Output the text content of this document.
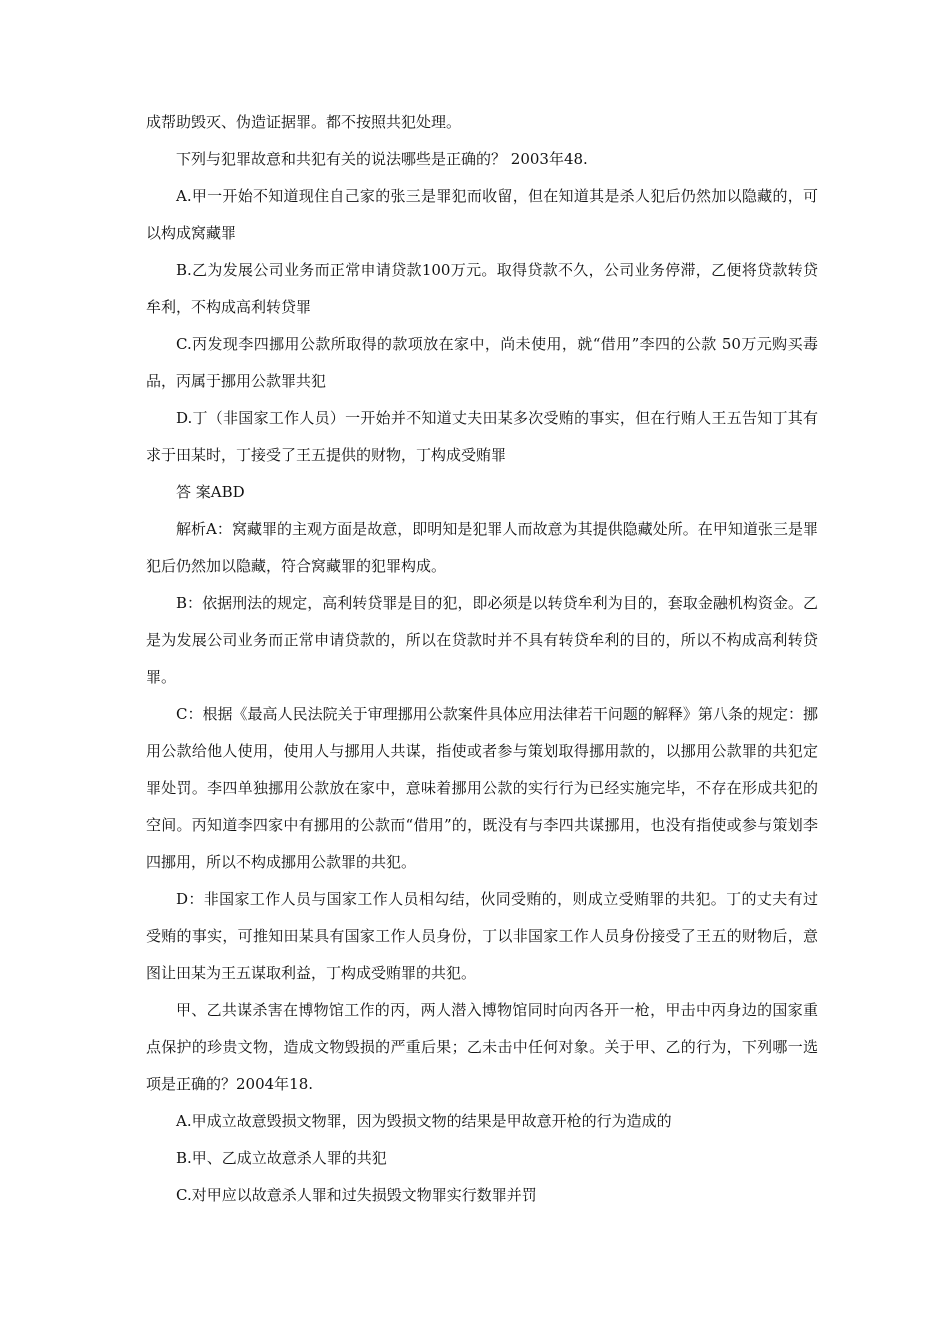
成帮助毁灭、伪造证据罪。都不按照共犯处理。

下列与犯罪故意和共犯有关的说法哪些是正确的？ 2003年48.

A.甲一开始不知道现住自己家的张三是罪犯而收留，但在知道其是杀人犯后仍然加以隐藏的，可以构成窝藏罪

B.乙为发展公司业务而正常申请贷款100万元。取得贷款不久，公司业务停滞，乙便将贷款转贷牟利，不构成高利转贷罪

C.丙发现李四挪用公款所取得的款项放在家中，尚未使用，就“借用”李四的公款 50万元购买毒品，丙属于挪用公款罪共犯

D.丁（非国家工作人员）一开始并不知道丈夫田某多次受贿的事实，但在行贿人王五告知丁其有求于田某时，丁接受了王五提供的财物，丁构成受贿罪

答 案ABD

解析A：窝藏罪的主观方面是故意，即明知是犯罪人而故意为其提供隐藏处所。在甲知道张三是罪犯后仍然加以隐藏，符合窝藏罪的犯罪构成。

B：依据刑法的规定，高利转贷罪是目的犯，即必须是以转贷牟利为目的，套取金融机构资金。乙是为发展公司业务而正常申请贷款的，所以在贷款时并不具有转贷牟利的目的，所以不构成高利转贷罪。

C：根据《最高人民法院关于审理挪用公款案件具体应用法律若干问题的解释》第八条的规定：挪用公款给他人使用，使用人与挪用人共谋，指使或者参与策划取得挪用款的，以挪用公款罪的共犯定罪处罚。李四单独挪用公款放在家中，意味着挪用公款的实行行为已经实施完毕，不存在形成共犯的空间。丙知道李四家中有挪用的公款而“借用”的，既没有与李四共谋挪用，也没有指使或参与策划李四挪用，所以不构成挪用公款罪的共犯。

D：非国家工作人员与国家工作人员相勾结，伙同受贿的，则成立受贿罪的共犯。丁的丈夫有过受贿的事实，可推知田某具有国家工作人员身份，丁以非国家工作人员身份接受了王五的财物后，意图让田某为王五谋取利益，丁构成受贿罪的共犯。

甲、乙共谋杀害在博物馆工作的丙，两人潜入博物馆同时向丙各开一枪，甲击中丙身边的国家重点保护的珍贵文物，造成文物毁损的严重后果；乙未击中任何对象。关于甲、乙的行为，下列哪一选项是正确的？2004年18.

A.甲成立故意毁损文物罪，因为毁损文物的结果是甲故意开枪的行为造成的

B.甲、乙成立故意杀人罪的共犯

C.对甲应以故意杀人罪和过失损毁文物罪实行数罪并罚
